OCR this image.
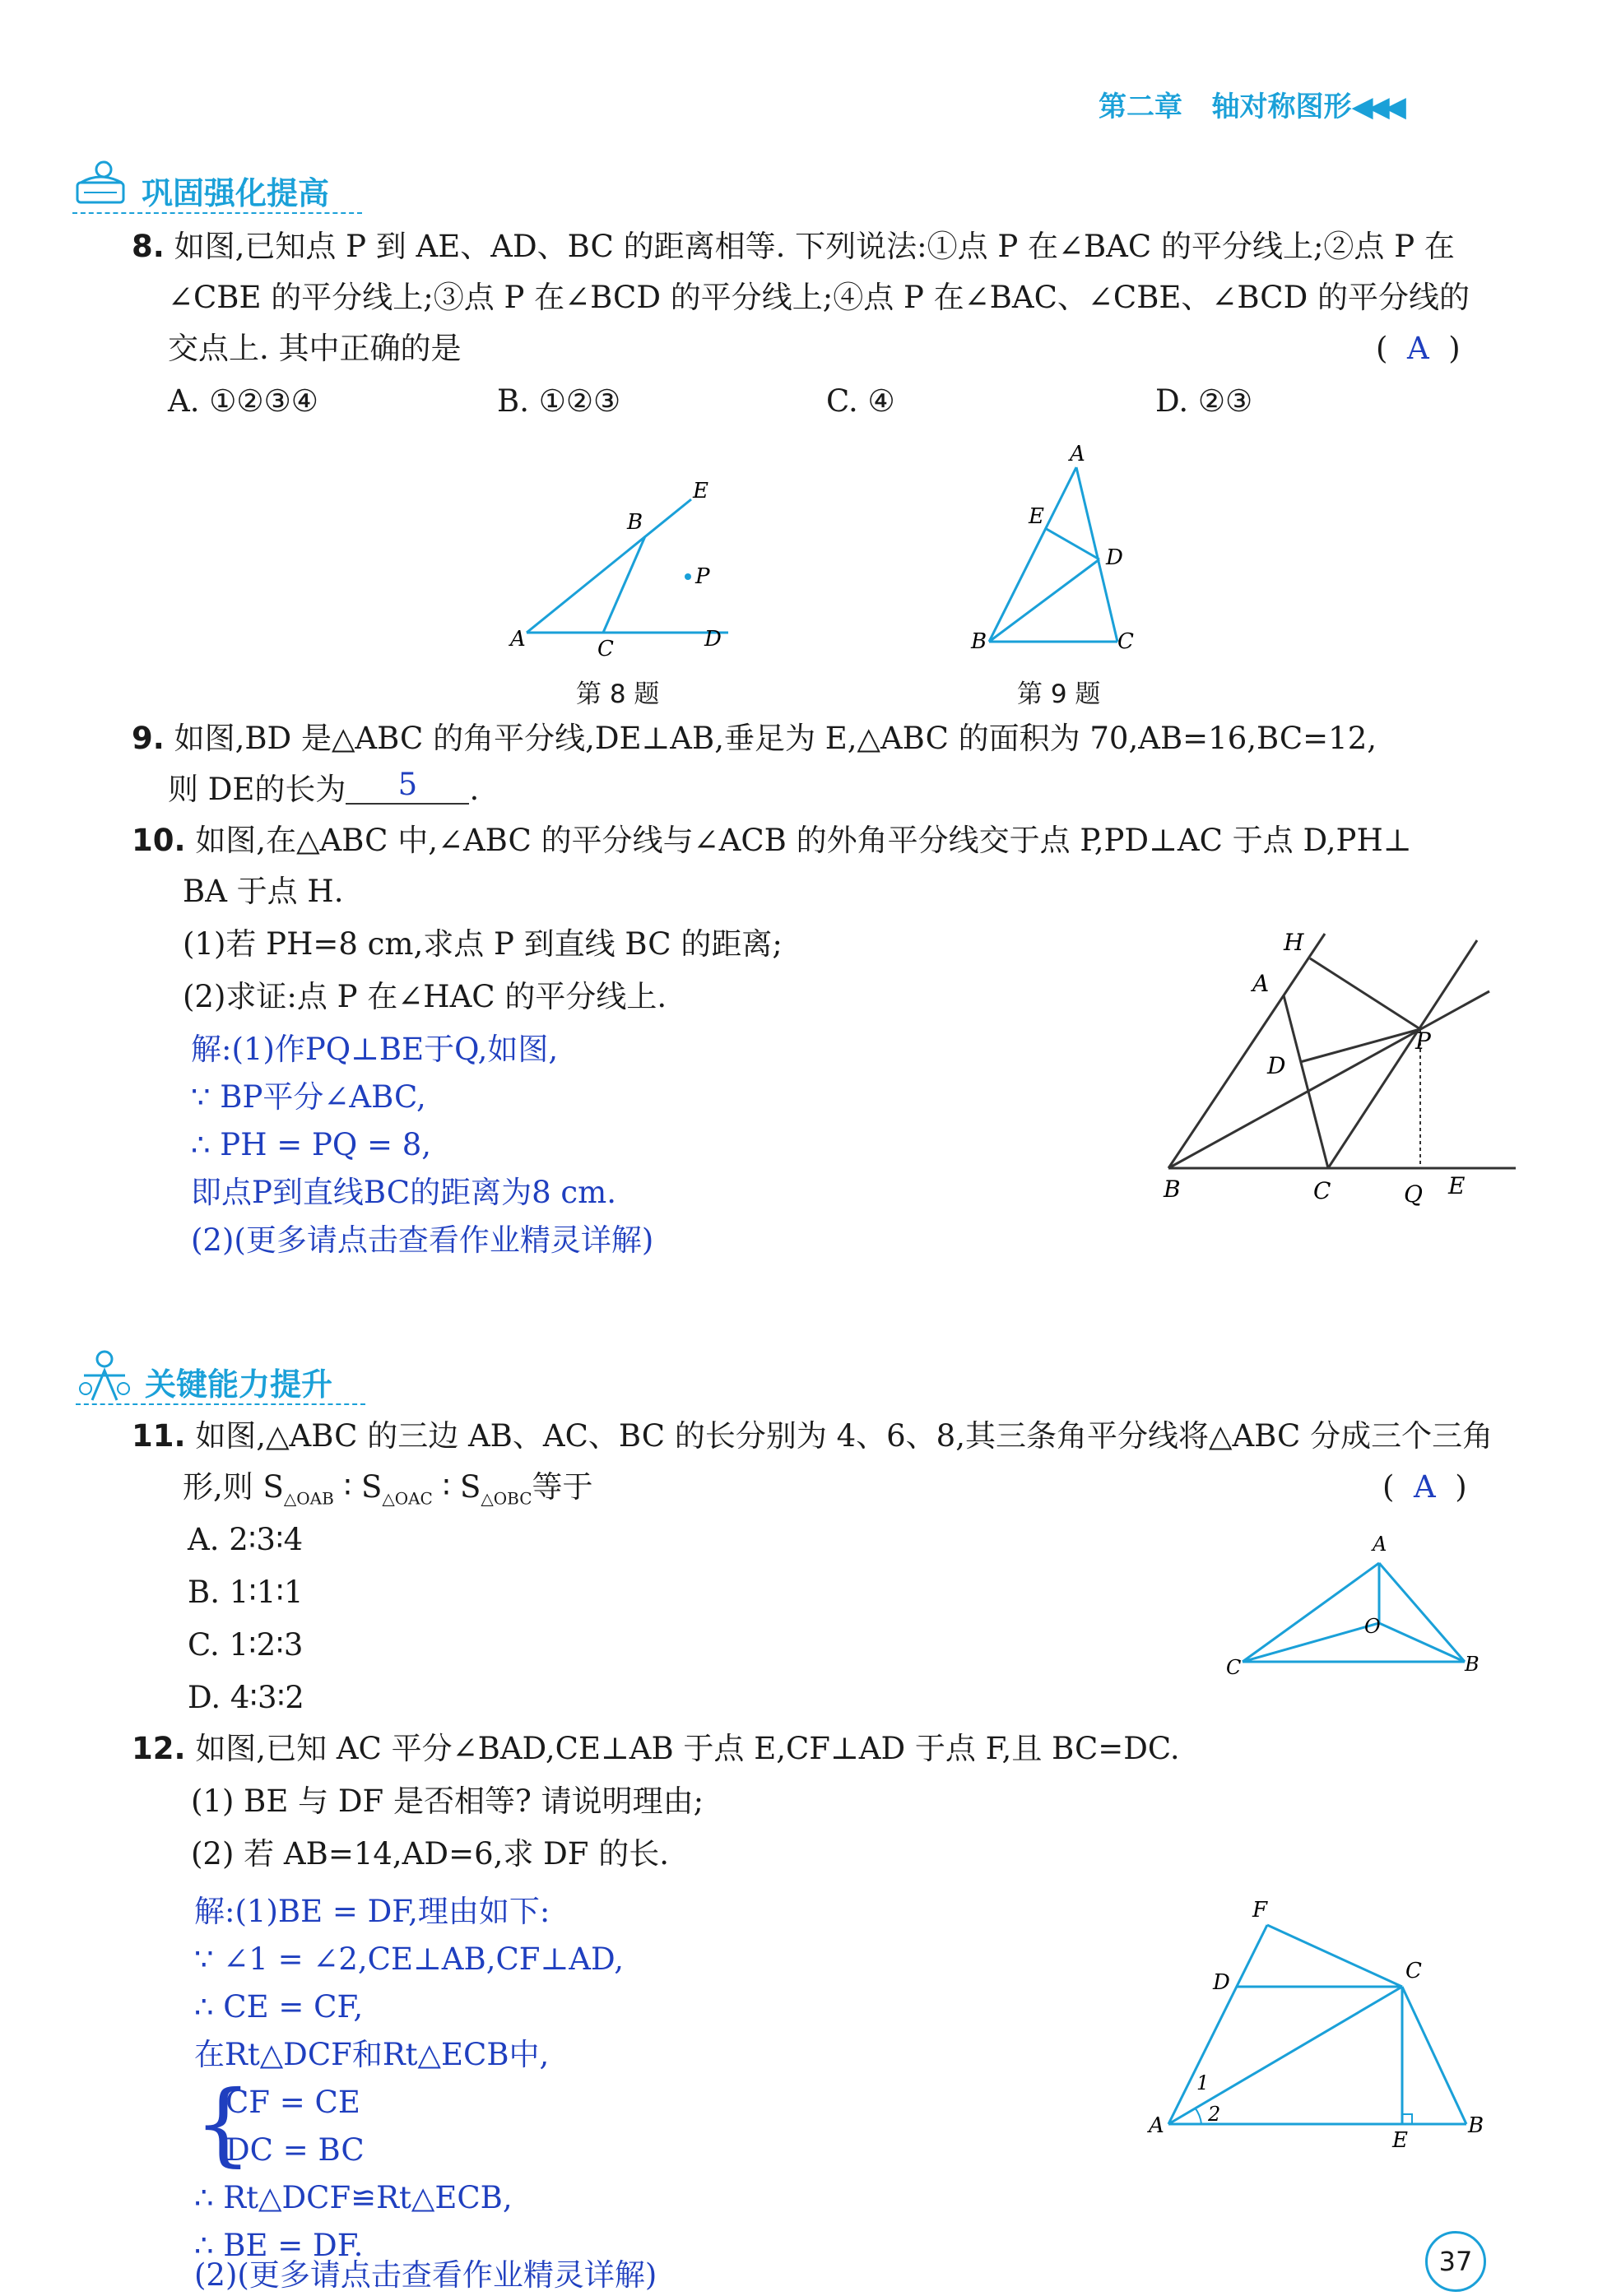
第二章 轴对称图形◀◀◀
巩固强化提高
8. 如图,已知点 P 到 AE、AD、BC 的距离相等. 下列说法:①点 P 在∠BAC 的平分线上;②点 P 在
∠CBE 的平分线上;③点 P 在∠BCD 的平分线上;④点 P 在∠BAC、∠CBE、∠BCD 的平分线的
交点上. 其中正确的是	(  A  )
A. ①②③④	B. ①②③	C. ④	D. ②③
A
B
C	D
E
P
第 8 题
A
B	C
D
E
第 9 题
9. 如图,BD 是△ABC 的角平分线,DE⊥AB,垂足为 E,△ABC 的面积为 70,AB=16,BC=12,
则 DE的长为 5 .
10. 如图,在△ABC 中,∠ABC 的平分线与∠ACB 的外角平分线交于点 P,PD⊥AC 于点 D,PH⊥
BA 于点 H.
(1)若 PH=8 cm,求点 P 到直线 BC 的距离;
(2)求证:点 P 在∠HAC 的平分线上.
解:(1)作PQ⊥BE于Q,如图,
∵ BP平分∠ABC,
∴ PH = PQ = 8,
即点P到直线BC的距离为8 cm.
(2)(更多请点击查看作业精灵详解)
H
A
D
P
B	C	Q E
关键能力提升
11. 如图,△ABC 的三边 AB、AC、BC 的长分别为 4、6、8,其三条角平分线将△ABC 分成三个三角
形,则 $S_{\triangle OAB}$ ∶ $S_{\triangle OAC}$ ∶ $S_{\triangle OBC}$等于	(  A  )
A. 2∶3∶4
B. 1∶1∶1
C. 1∶2∶3
D. 4∶3∶2
A
O
B
C
12. 如图,已知 AC 平分∠BAD,CE⊥AB 于点 E,CF⊥AD 于点 F,且 BC=DC.
(1) BE 与 DF 是否相等? 请说明理由;
(2) 若 AB=14,AD=6,求 DF 的长.
解:(1)BE = DF,理由如下:
∵ ∠1 = ∠2,CE⊥AB,CF⊥AD,
∴ CE = CF,
在Rt△DCF和Rt△ECB中,
{
CF = CE
DC = BC
∴ Rt△DCF≌Rt△ECB,
∴ BE = DF.
(2)(更多请点击查看作业精灵详解)
F
D	C
A
E
B
1
2
37
